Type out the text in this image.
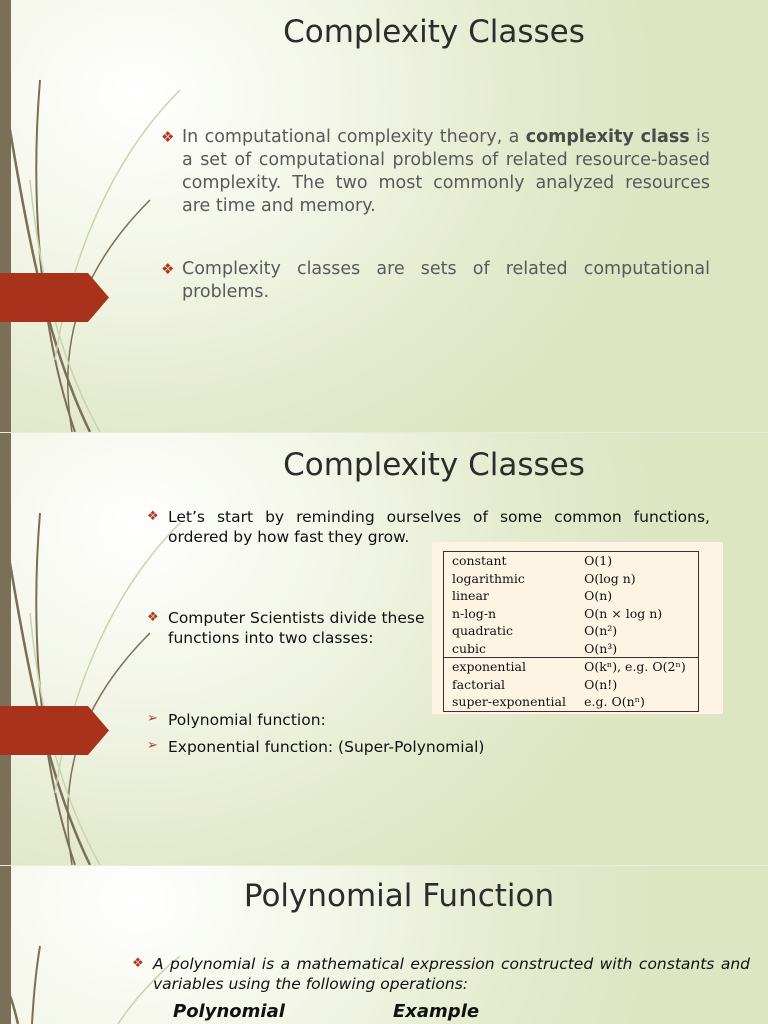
Complexity Classes
❖ In computational complexity theory, a complexity class is a set of computational problems of related resource-based complexity. The two most commonly analyzed resources are time and memory.
❖ Complexity classes are sets of related computational problems.
Complexity Classes
❖ Let’s start by reminding ourselves of some common functions, ordered by how fast they grow.
❖ Computer Scientists divide these functions into two classes:
➢ Polynomial function:
➢ Exponential function: (Super-Polynomial)
constant	O(1)
logarithmic	O(log n)
linear	O(n)
n-log-n	O(n × log n)
quadratic	O(n²)
cubic	O(n³)
exponential	O(kⁿ), e.g. O(2ⁿ)
factorial	O(n!)
super-exponential	e.g. O(nⁿ)
Polynomial Function
❖ A polynomial is a mathematical expression constructed with constants and variables using the following operations:
Polynomial	Example
